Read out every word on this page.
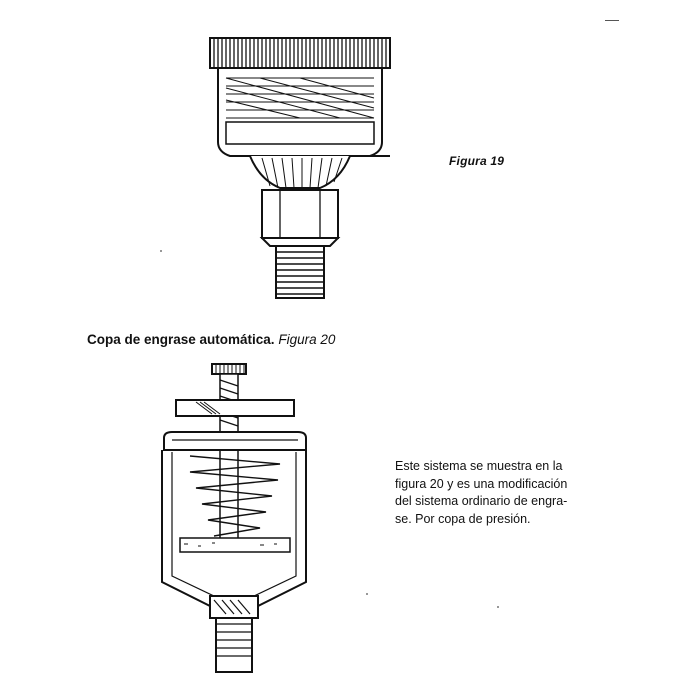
Figura 19
Copa de engrase automática. Figura 20
Este sistema se muestra en la
figura 20 y es una modificación
del sistema ordinario de engra-
se. Por copa de presión.
